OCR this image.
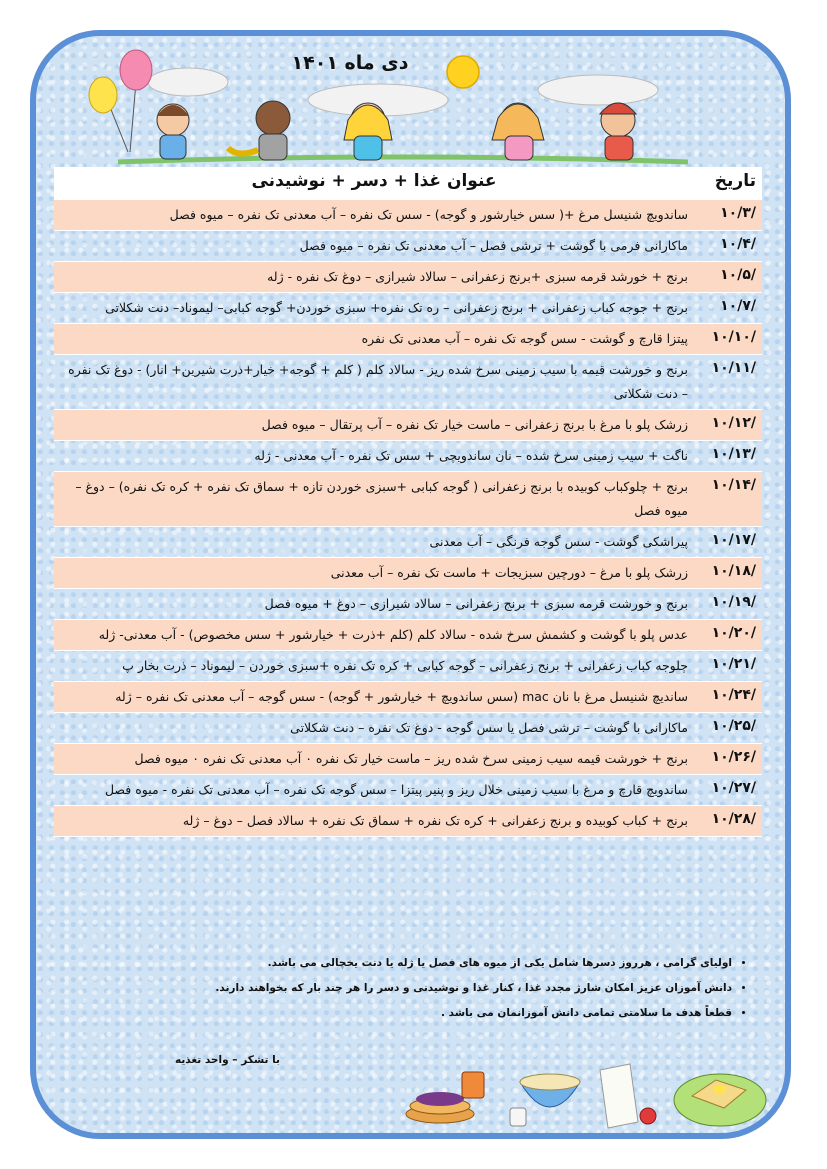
دی ماه ۱۴۰۱
تاریخ	عنوان غذا + دسر + نوشیدنی
/۱۰/۳	ساندویچ شنیسل مرغ +( سس خیارشور و گوجه) - سس تک نفره – آب معدنی تک نفره – میوه فصل
/۱۰/۴	ماکارانی فرمی با گوشت + ترشی فصل – آب معدنی تک نفره – میوه فصل
/۱۰/۵	برنج + خورشد قرمه سبزی +برنج زعفرانی – سالاد شیرازی – دوغ تک نفره - ژله
/۱۰/۷	برنج + جوجه کباب زعفرانی + برنج زعفرانی – ره تک نفره+ سبزی خوردن+ گوجه کبابی– لیموناد– دنت شکلاتی
/۱۰/۱۰	پیتزا قارچ و گوشت - سس گوجه تک نفره – آب معدنی تک نفره
/۱۰/۱۱	برنج و خورشت قیمه با سیب زمینی سرخ شده ریز - سالاد کلم ( کلم + گوجه+ خیار+ذرت شیرین+ انار) - دوغ تک نفره – دنت شکلاتی
/۱۰/۱۲	زرشک پلو با مرغ با برنج زعفرانی – ماست خیار تک نفره – آب پرتقال – میوه فصل
/۱۰/۱۳	ناگت + سیب زمینی سرخ شده – نان ساندویچی + سس تک نفره - آب معدنی - ژله
/۱۰/۱۴	برنج + چلوکباب کوبیده با برنج زعفرانی ( گوجه کبابی +سبزی خوردن تازه + سماق تک نفره + کره تک نفره) – دوغ – میوه فصل
/۱۰/۱۷	پیراشکی گوشت - سس گوجه فرنگی – آب معدنی
/۱۰/۱۸	زرشک پلو با مرغ – دورچین سبزیجات + ماست تک نفره – آب معدنی
/۱۰/۱۹	برنج و خورشت قرمه سبزی + برنج زعفرانی – سالاد شیرازی – دوغ + میوه فصل
/۱۰/۲۰	عدس پلو با گوشت و کشمش سرخ شده - سالاد کلم (کلم +ذرت + خیارشور + سس مخصوص) - آب معدنی- ژله
/۱۰/۲۱	چلوجه کباب زعفرانی + برنج زعفرانی – گوجه کبابی + کره تک نفره +سبزی خوردن – لیموناد – ذرت بخار پ
/۱۰/۲۴	ساندیچ شنیسل مرغ با نان mac (سس ساندویچ + خیارشور + گوجه) - سس گوجه – آب معدنی تک نفره – ژله
/۱۰/۲۵	ماکارانی با گوشت – ترشی فصل یا سس گوجه - دوغ تک نفره – دنت شکلاتی
/۱۰/۲۶	برنج + خورشت قیمه سیب زمینی سرخ شده ریز – ماست خیار تک نفره ۰ آب معدنی تک نفره ۰ میوه فصل
/۱۰/۲۷	ساندویچ قارچ و مرغ با سیب زمینی خلال ریز و پنیر پیتزا – سس گوجه تک نفره – آب معدنی تک نفره - میوه فصل
/۱۰/۲۸	برنج + کباب کوبیده و برنج زعفرانی + کره تک نفره + سماق تک نفره + سالاد فصل – دوغ – ژله
• اولیای گرامی ، هرروز دسرها شامل یکی از میوه های فصل یا ژله یا دنت یخچالی می باشد.
• دانش آموزان عزیز امکان شارژ مجدد غذا ، کنار غذا و نوشیدنی و دسر را هر چند بار که بخواهند دارند.
• قطعاً هدف ما سلامتی تمامی دانش آموزانمان می باشد .
با تشکر – واحد تغذیه
